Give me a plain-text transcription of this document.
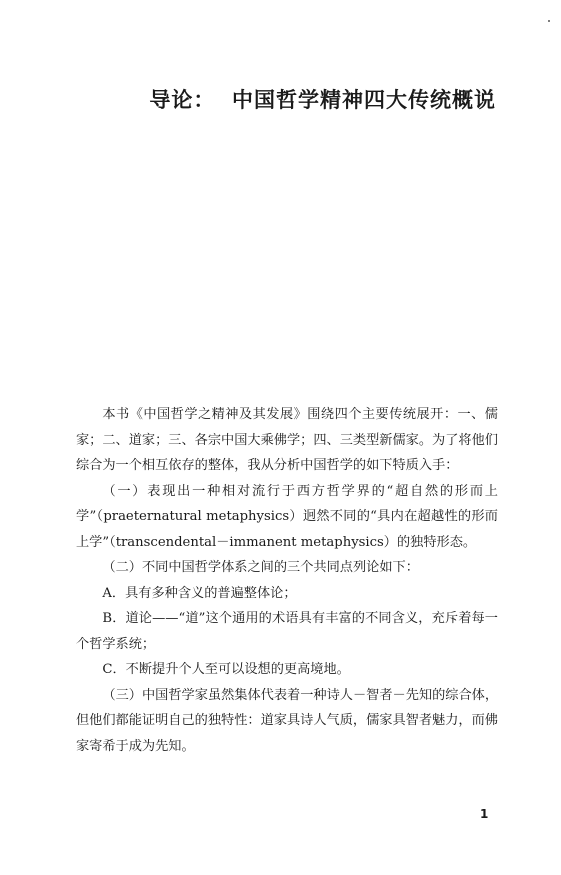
导论：  中国哲学精神四大传统概说

本书《中国哲学之精神及其发展》围绕四个主要传统展开：一、儒家；二、道家；三、各宗中国大乘佛学；四、三类型新儒家。为了将他们综合为一个相互依存的整体，我从分析中国哲学的如下特质入手：

（一）表现出一种相对流行于西方哲学界的“超自然的形而上学”（praeternatural metaphysics）迥然不同的“具内在超越性的形而上学”（transcendental－immanent metaphysics）的独特形态。

（二）不同中国哲学体系之间的三个共同点列论如下：

A．具有多种含义的普遍整体论；

B．道论——“道”这个通用的术语具有丰富的不同含义，充斥着每一个哲学系统；

C．不断提升个人至可以设想的更高境地。

（三）中国哲学家虽然集体代表着一种诗人－智者－先知的综合体，但他们都能证明自己的独特性：道家具诗人气质，儒家具智者魅力，而佛家寄希于成为先知。

1
